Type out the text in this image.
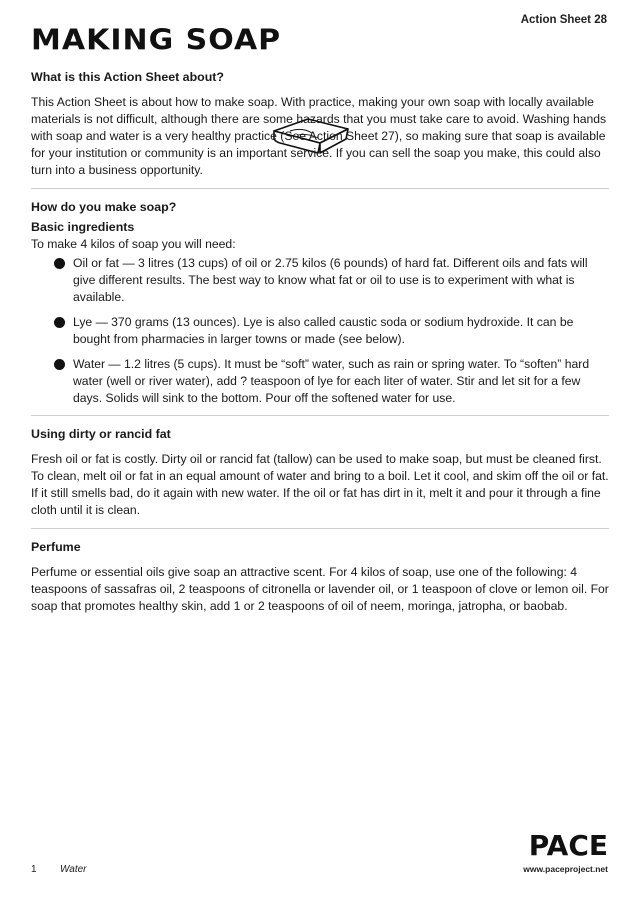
MAKING SOAP
Action Sheet 28
What is this Action Sheet about?

This Action Sheet is about how to make soap. With practice, making your own soap with locally available materials is not difficult, although there are some hazards that you must take care to avoid. Washing hands with soap and water is a very healthy practice (See Action Sheet 27), so making sure that soap is available for your institution or community is an important service. If you can sell the soap you make, this could also turn into a business opportunity.

How do you make soap?
Basic ingredients

To make 4 kilos of soap you will need:

Oil or fat — 3 litres (13 cups) of oil or 2.75 kilos (6 pounds) of hard fat. Different oils and fats will give different results. The best way to know what fat or oil to use is to experiment with what is available.
Lye — 370 grams (13 ounces). Lye is also called caustic soda or sodium hydroxide. It can be bought from pharmacies in larger towns or made (see below).
Water — 1.2 litres (5 cups). It must be “soft” water, such as rain or spring water. To “soften” hard water (well or river water), add ? teaspoon of lye for each liter of water. Stir and let sit for a few days. Solids will sink to the bottom. Pour off the softened water for use.
Using dirty or rancid fat

Fresh oil or fat is costly. Dirty oil or rancid fat (tallow) can be used to make soap, but must be cleaned first. To clean, melt oil or fat in an equal amount of water and bring to a boil. Let it cool, and skim off the oil or fat. If it still smells bad, do it again with new water. If the oil or fat has dirt in it, melt it and pour it through a fine cloth until it is clean.

Perfume

Perfume or essential oils give soap an attractive scent. For 4 kilos of soap, use one of the following: 4 teaspoons of sassafras oil, 2 teaspoons of citronella or lavender oil, or 1 teaspoon of clove or lemon oil. For soap that promotes healthy skin, add 1 or 2 teaspoons of oil of neem, moringa, jatropha, or baobab.

1 Water
PACE
www.paceproject.net
